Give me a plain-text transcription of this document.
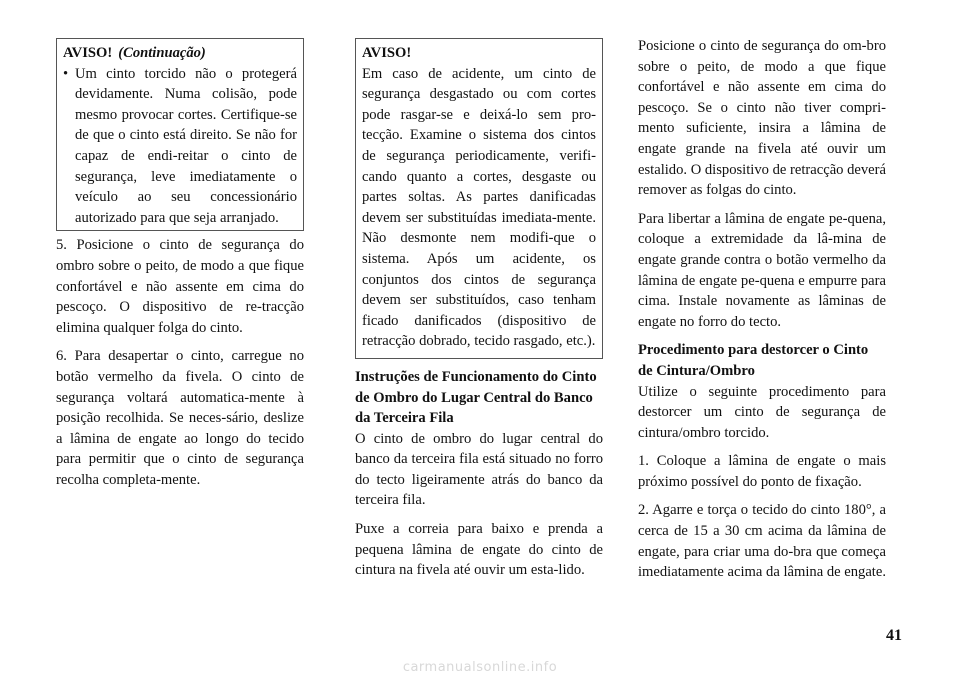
AVISO! (Continuação)
• Um cinto torcido não o protegerá devidamente. Numa colisão, pode mesmo provocar cortes. Certifique-se de que o cinto está direito. Se não for capaz de endi-reitar o cinto de segurança, leve imediatamente o veículo ao seu concessionário autorizado para que seja arranjado.

5. Posicione o cinto de segurança do ombro sobre o peito, de modo a que fique confortável e não assente em cima do pescoço. O dispositivo de re-tracção elimina qualquer folga do cinto.

6. Para desapertar o cinto, carregue no botão vermelho da fivela. O cinto de segurança voltará automatica-mente à posição recolhida. Se neces-sário, deslize a lâmina de engate ao longo do tecido para permitir que o cinto de segurança recolha completa-mente.

AVISO!
Em caso de acidente, um cinto de segurança desgastado ou com cortes pode rasgar-se e deixá-lo sem pro-tecção. Examine o sistema dos cintos de segurança periodicamente, verifi-cando quanto a cortes, desgaste ou partes soltas. As partes danificadas devem ser substituídas imediata-mente. Não desmonte nem modifi-que o sistema. Após um acidente, os conjuntos dos cintos de segurança devem ser substituídos, caso tenham ficado danificados (dispositivo de retracção dobrado, tecido rasgado, etc.).
Instruções de Funcionamento do Cinto de Ombro do Lugar Central do Banco da Terceira Fila

O cinto de ombro do lugar central do banco da terceira fila está situado no forro do tecto ligeiramente atrás do banco da terceira fila.

Puxe a correia para baixo e prenda a pequena lâmina de engate do cinto de cintura na fivela até ouvir um esta-lido.

Posicione o cinto de segurança do om-bro sobre o peito, de modo a que fique confortável e não assente em cima do pescoço. Se o cinto não tiver compri-mento suficiente, insira a lâmina de engate grande na fivela até ouvir um estalido. O dispositivo de retracção deverá remover as folgas do cinto.

Para libertar a lâmina de engate pe-quena, coloque a extremidade da lâ-mina de engate grande contra o botão vermelho da lâmina de engate pe-quena e empurre para cima. Instale novamente as lâminas de engate no forro do tecto.

Procedimento para destorcer o Cinto de Cintura/Ombro

Utilize o seguinte procedimento para destorcer um cinto de segurança de cintura/ombro torcido.

1. Coloque a lâmina de engate o mais próximo possível do ponto de fixação.

2. Agarre e torça o tecido do cinto 180°, a cerca de 15 a 30 cm acima da lâmina de engate, para criar uma do-bra que começa imediatamente acima da lâmina de engate.

41
carmanualsonline.info
